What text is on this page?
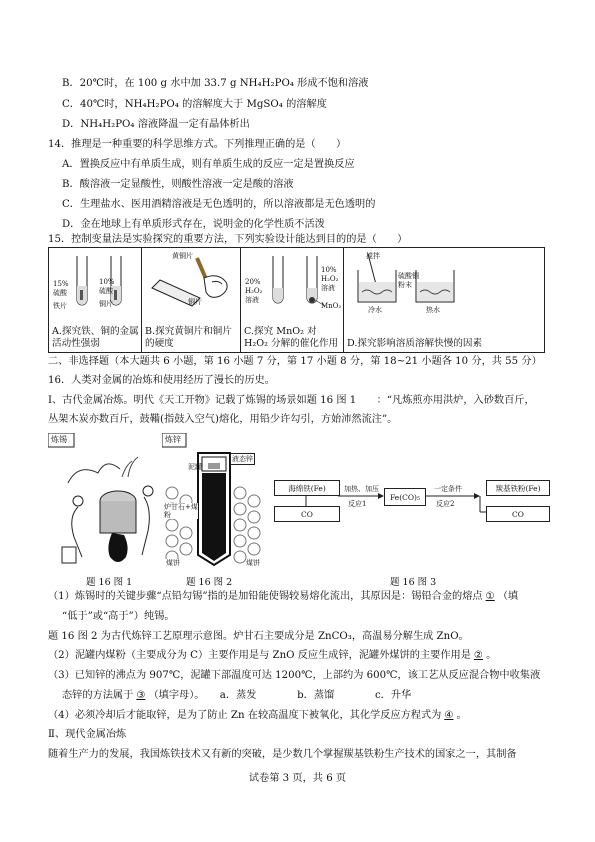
B．20℃时，在 100 g 水中加 33.7 g NH₄H₂PO₄ 形成不饱和溶液
C．40℃时，NH₄H₂PO₄ 的溶解度大于 MgSO₄ 的溶解度
D．NH₄H₂PO₄ 溶液降温一定有晶体析出
14．推理是一种重要的科学思维方式。下列推理正确的是（　　）
A．置换反应中有单质生成，则有单质生成的反应一定是置换反应
B．酸溶液一定显酸性，则酸性溶液一定是酸的溶液
C．生理盐水、医用酒精溶液是无色透明的，所以溶液都是无色透明的
D．金在地球上有单质形式存在，说明金的化学性质不活泼
15．控制变量法是实验探究的重要方法，下列实验设计能达到目的的是（　　）
15%
硫酸
铁片
10%
硫酸
铜片
A.探究铁、铜的金属活动性强弱

黄铜片
铜片
B.探究黄铜片和铜片的硬度

20%
H₂O₂
溶液
10%
H₂O₂
溶液
MnO₂
C.探究 MnO₂ 对 H₂O₂ 分解的催化作用

搅拌
硫酸铜
粉末
冷水	热水
D.探究影响溶质溶解快慢的因素
二、非选择题（本大题共 6 小题，第 16 小题 7 分，第 17 小题 8 分，第 18~21 小题各 10 分，共 55 分）
16．人类对金属的冶炼和使用经历了漫长的历史。
Ⅰ、古代金属冶炼。明代《天工开物》记载了炼锡的场景如题 16 图 1　　：“凡炼煎亦用洪炉，入砂数百斤，
丛架木炭亦数百斤，鼓鞴(指鼓入空气)熔化，用铅少许勾引，方始沛然流注”。
炼锡	炼锌
泥罐
液态锌
炉甘石+煤粉
煤饼	煤饼
海绵铁(Fe)
CO
加热、加压
反应1
Fe(CO)₅
一定条件
反应2
羰基铁粉(Fe)
CO
题 16 图 1	题 16 图 2	题 16 图 3
（1）炼锡时的关键步骤“点铅勾锡”指的是加铅能使锡较易熔化流出，其原因是：锡铅合金的熔点 ① （填
“低于”或“高于”）纯锡。
题 16 图 2 为古代炼锌工艺原理示意图。炉甘石主要成分是 ZnCO₃，高温易分解生成 ZnO。
（2）泥罐内煤粉（主要成分为 C）主要作用是与 ZnO 反应生成锌，泥罐外煤饼的主要作用是 ② 。
（3）已知锌的沸点为 907℃，泥罐下部温度可达 1200℃，上部约为 600℃，该工艺从反应混合物中收集液
态锌的方法属于 ③ （填字母）。　　a．蒸发　　　　b．蒸馏　　　　c．升华
（4）必须冷却后才能取锌，是为了防止 Zn 在较高温度下被氧化，其化学反应方程式为 ④ 。
Ⅱ、现代金属冶炼
随着生产力的发展，我国炼铁技术又有新的突破，是少数几个掌握羰基铁粉生产技术的国家之一，其制备
试卷第 3 页，共 6 页
